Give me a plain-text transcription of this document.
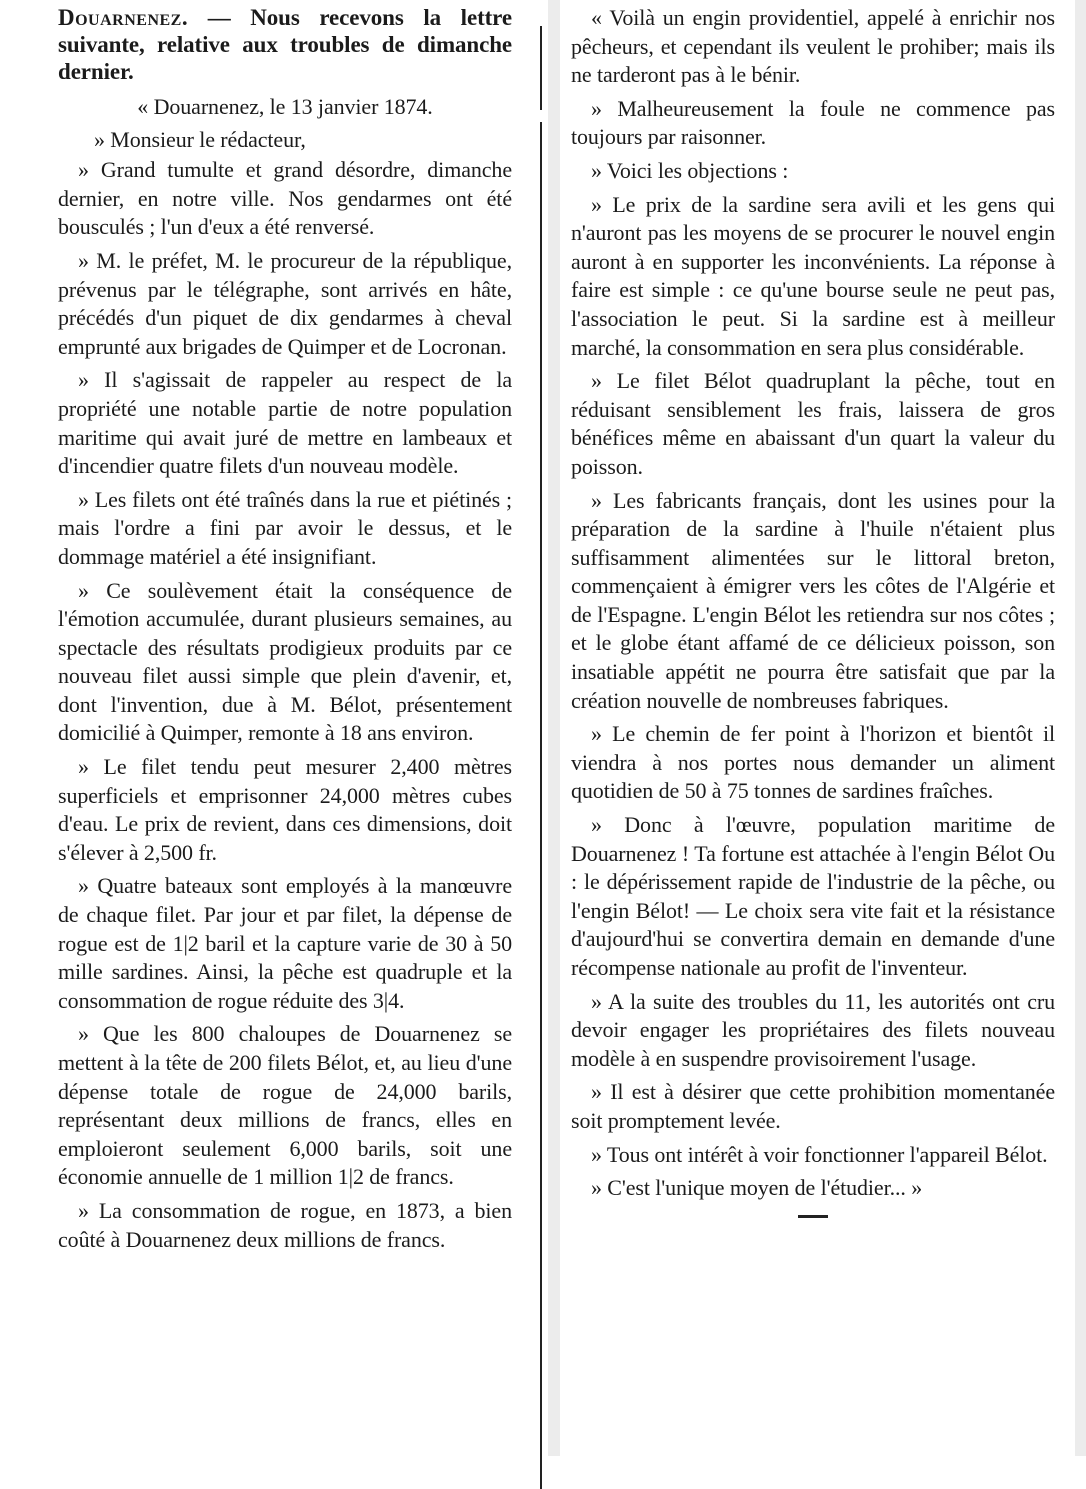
Douarnenez. — Nous recevons la lettre suivante, relative aux troubles de dimanche dernier.

« Douarnenez, le 13 janvier 1874.

» Monsieur le rédacteur,

» Grand tumulte et grand désordre, dimanche dernier, en notre ville. Nos gendarmes ont été bousculés ; l'un d'eux a été renversé.

» M. le préfet, M. le procureur de la république, prévenus par le télégraphe, sont arrivés en hâte, précédés d'un piquet de dix gendarmes à cheval emprunté aux brigades de Quimper et de Locronan.

» Il s'agissait de rappeler au respect de la propriété une notable partie de notre population maritime qui avait juré de mettre en lambeaux et d'incendier quatre filets d'un nouveau modèle.

» Les filets ont été traînés dans la rue et piétinés ; mais l'ordre a fini par avoir le dessus, et le dommage matériel a été insignifiant.

» Ce soulèvement était la conséquence de l'émotion accumulée, durant plusieurs semaines, au spectacle des résultats prodigieux produits par ce nouveau filet aussi simple que plein d'avenir, et, dont l'invention, due à M. Bélot, présentement domicilié à Quimper, remonte à 18 ans environ.

» Le filet tendu peut mesurer 2,400 mètres superficiels et emprisonner 24,000 mètres cubes d'eau. Le prix de revient, dans ces dimensions, doit s'élever à 2,500 fr.

» Quatre bateaux sont employés à la manœuvre de chaque filet. Par jour et par filet, la dépense de rogue est de 1|2 baril et la capture varie de 30 à 50 mille sardines. Ainsi, la pêche est quadruple et la consommation de rogue réduite des 3|4.

» Que les 800 chaloupes de Douarnenez se mettent à la tête de 200 filets Bélot, et, au lieu d'une dépense totale de rogue de 24,000 barils, représentant deux millions de francs, elles en emploieront seulement 6,000 barils, soit une économie annuelle de 1 million 1|2 de francs.

» La consommation de rogue, en 1873, a bien coûté à Douarnenez deux millions de francs.

« Voilà un engin providentiel, appelé à enrichir nos pêcheurs, et cependant ils veulent le prohiber; mais ils ne tarderont pas à le bénir.

» Malheureusement la foule ne commence pas toujours par raisonner.

» Voici les objections :

» Le prix de la sardine sera avili et les gens qui n'auront pas les moyens de se procurer le nouvel engin auront à en supporter les inconvénients. La réponse à faire est simple : ce qu'une bourse seule ne peut pas, l'association le peut. Si la sardine est à meilleur marché, la consommation en sera plus considérable.

» Le filet Bélot quadruplant la pêche, tout en réduisant sensiblement les frais, laissera de gros bénéfices même en abaissant d'un quart la valeur du poisson.

» Les fabricants français, dont les usines pour la préparation de la sardine à l'huile n'étaient plus suffisamment alimentées sur le littoral breton, commençaient à émigrer vers les côtes de l'Algérie et de l'Espagne. L'engin Bélot les retiendra sur nos côtes ; et le globe étant affamé de ce délicieux poisson, son insatiable appétit ne pourra être satisfait que par la création nouvelle de nombreuses fabriques.

» Le chemin de fer point à l'horizon et bientôt il viendra à nos portes nous demander un aliment quotidien de 50 à 75 tonnes de sardines fraîches.

» Donc à l'œuvre, population maritime de Douarnenez ! Ta fortune est attachée à l'engin Bélot Ou : le dépérissement rapide de l'industrie de la pêche, ou l'engin Bélot! — Le choix sera vite fait et la résistance d'aujourd'hui se convertira demain en demande d'une récompense nationale au profit de l'inventeur.

» A la suite des troubles du 11, les autorités ont cru devoir engager les propriétaires des filets nouveau modèle à en suspendre provisoirement l'usage.

» Il est à désirer que cette prohibition momentanée soit promptement levée.

» Tous ont intérêt à voir fonctionner l'appareil Bélot.

» C'est l'unique moyen de l'étudier... »
